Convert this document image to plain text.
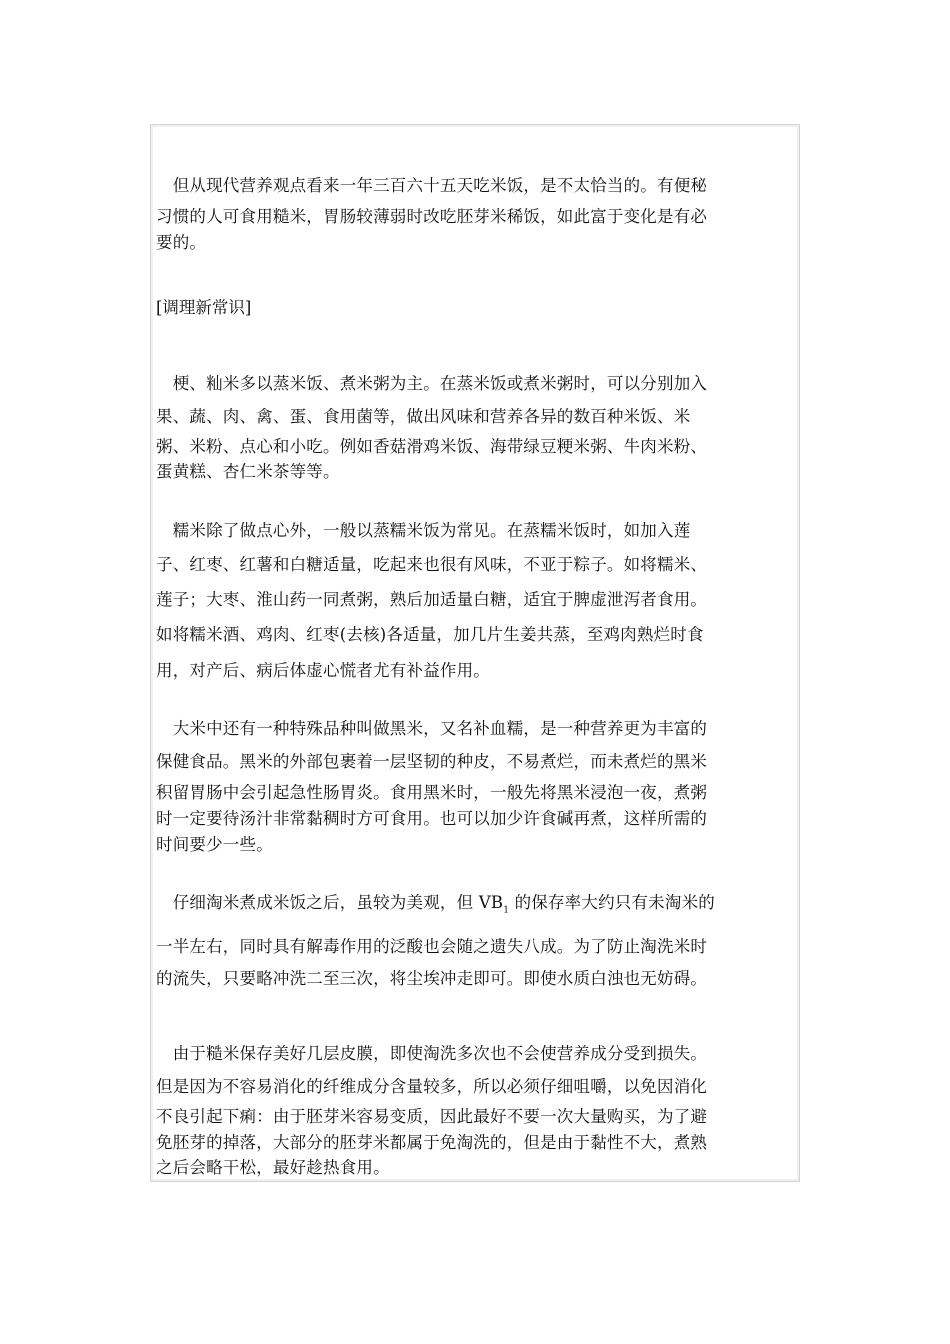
　但从现代营养观点看来一年三百六十五天吃米饭，是不太恰当的。有便秘
习惯的人可食用糙米，胃肠较薄弱时改吃胚芽米稀饭，如此富于变化是有必
要的。
[调理新常识]
　梗、籼米多以蒸米饭、煮米粥为主。在蒸米饭或煮米粥时，可以分别加入
果、蔬、肉、禽、蛋、食用菌等，做出风味和营养各异的数百种米饭、米
粥、米粉、点心和小吃。例如香菇滑鸡米饭、海带绿豆粳米粥、牛肉米粉、
蛋黄糕、杏仁米茶等等。
　糯米除了做点心外，一般以蒸糯米饭为常见。在蒸糯米饭时，如加入莲
子、红枣、红薯和白糖适量，吃起来也很有风味，不亚于粽子。如将糯米、
莲子；大枣、淮山药一同煮粥，熟后加适量白糖，适宜于脾虚泄泻者食用。
如将糯米酒、鸡肉、红枣(去核)各适量，加几片生姜共蒸，至鸡肉熟烂时食
用，对产后、病后体虚心慌者尤有补益作用。
　大米中还有一种特殊品种叫做黑米，又名补血糯，是一种营养更为丰富的
保健食品。黑米的外部包裹着一层坚韧的种皮，不易煮烂，而未煮烂的黑米
积留胃肠中会引起急性肠胃炎。食用黑米时，一般先将黑米浸泡一夜，煮粥
时一定要待汤汁非常黏稠时方可食用。也可以加少许食碱再煮，这样所需的
时间要少一些。
　仔细淘米煮成米饭之后，虽较为美观，但 $VB_1$ 的保存率大约只有未淘米的
一半左右，同时具有解毒作用的泛酸也会随之遗失八成。为了防止淘洗米时
的流失，只要略冲洗二至三次，将尘埃冲走即可。即使水质白浊也无妨碍。
　由于糙米保存美好几层皮膜，即使淘洗多次也不会使营养成分受到损失。
但是因为不容易消化的纤维成分含量较多，所以必须仔细咀嚼，以免因消化
不良引起下痢：由于胚芽米容易变质，因此最好不要一次大量购买，为了避
免胚芽的掉落，大部分的胚芽米都属于免淘洗的，但是由于黏性不大，煮熟
之后会略干松，最好趁热食用。
